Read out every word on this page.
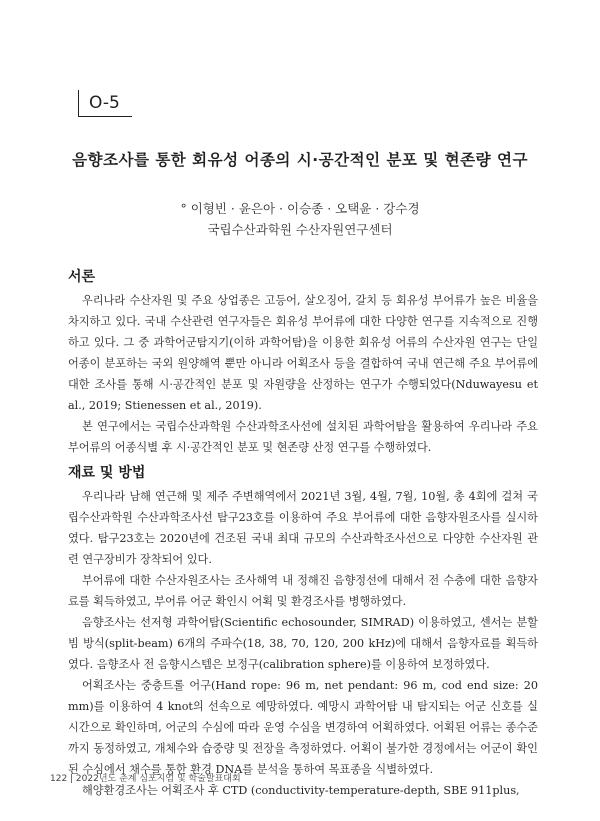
O-5
음향조사를 통한 회유성 어종의 시·공간적인 분포 및 현존량 연구
° 이형빈 · 윤은아 · 이승종 · 오택윤 · 강수경
국립수산과학원 수산자원연구센터
서론

우리나라 수산자원 및 주요 상업종은 고등어, 살오징어, 갈치 등 회유성 부어류가 높은 비율을 차지하고 있다. 국내 수산관련 연구자들은 회유성 부어류에 대한 다양한 연구를 지속적으로 진행하고 있다. 그 중 과학어군탐지기(이하 과학어탐)을 이용한 회유성 어류의 수산자원 연구는 단일 어종이 분포하는 국외 원양해역 뿐만 아니라 어획조사 등을 결합하여 국내 연근해 주요 부어류에 대한 조사를 통해 시·공간적인 분포 및 자원량을 산정하는 연구가 수행되었다(Nduwayesu et al., 2019; Stienessen et al., 2019).

본 연구에서는 국립수산과학원 수산과학조사선에 설치된 과학어탐을 활용하여 우리나라 주요 부어류의 어종식별 후 시·공간적인 분포 및 현존량 산정 연구를 수행하였다.

재료 및 방법

우리나라 남해 연근해 및 제주 주변해역에서 2021년 3월, 4월, 7월, 10월, 총 4회에 걸쳐 국립수산과학원 수산과학조사선 탐구23호를 이용하여 주요 부어류에 대한 음향자원조사를 실시하였다. 탐구23호는 2020년에 건조된 국내 최대 규모의 수산과학조사선으로 다양한 수산자원 관련 연구장비가 장착되어 있다.

부어류에 대한 수산자원조사는 조사해역 내 정해진 음향정선에 대해서 전 수층에 대한 음향자료를 획득하였고, 부어류 어군 확인시 어획 및 환경조사를 병행하였다.

음향조사는 선저형 과학어탐(Scientific echosounder, SIMRAD) 이용하였고, 센서는 분할빔 방식(split-beam) 6개의 주파수(18, 38, 70, 120, 200 kHz)에 대해서 음향자료를 획득하였다. 음향조사 전 음향시스템은 보정구(calibration sphere)를 이용하여 보정하였다.

어획조사는 중층트롤 어구(Hand rope: 96 m, net pendant: 96 m, cod end size: 20 mm)를 이용하여 4 knot의 선속으로 예망하였다. 예망시 과학어탐 내 탐지되는 어군 신호를 실시간으로 확인하며, 어군의 수심에 따라 운영 수심을 변경하여 어획하였다. 어획된 어류는 종수준까지 동정하였고, 개체수와 습중량 및 전장을 측정하였다. 어획이 불가한 경정에서는 어군이 확인된 수심에서 채수를 통한 환경 DNA를 분석을 통하여 목표종을 식별하였다.

해양환경조사는 어획조사 후 CTD (conductivity-temperature-depth, SBE 911plus,

122 | 2022년도 춘계 심포지엄 및 학술발표대회
